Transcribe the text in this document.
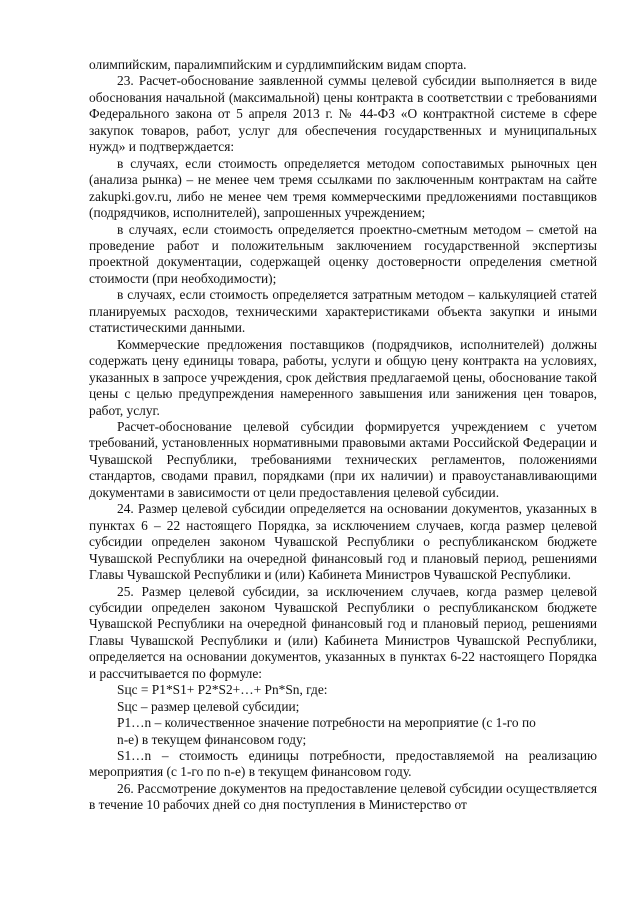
олимпийским, паралимпийским и сурдлимпийским видам спорта.

23. Расчет-обоснование заявленной суммы целевой субсидии выполняется в виде обоснования начальной (максимальной) цены контракта в соответствии с требованиями Федерального закона от 5 апреля 2013 г. № 44-ФЗ «О контрактной системе в сфере закупок товаров, работ, услуг для обеспечения государственных и муниципальных нужд» и подтверждается:

в случаях, если стоимость определяется методом сопоставимых рыночных цен (анализа рынка) – не менее чем тремя ссылками по заключенным контрактам на сайте zakupki.gov.ru, либо не менее чем тремя коммерческими предложениями поставщиков (подрядчиков, исполнителей), запрошенных учреждением;

в случаях, если стоимость определяется проектно-сметным методом – сметой на проведение работ и положительным заключением государственной экспертизы проектной документации, содержащей оценку достоверности определения сметной стоимости (при необходимости);

в случаях, если стоимость определяется затратным методом – калькуляцией статей планируемых расходов, техническими характеристиками объекта закупки и иными статистическими данными.

Коммерческие предложения поставщиков (подрядчиков, исполнителей) должны содержать цену единицы товара, работы, услуги и общую цену контракта на условиях, указанных в запросе учреждения, срок действия предлагаемой цены, обоснование такой цены с целью предупреждения намеренного завышения или занижения цен товаров, работ, услуг.

Расчет-обоснование целевой субсидии формируется учреждением с учетом требований, установленных нормативными правовыми актами Российской Федерации и Чувашской Республики, требованиями технических регламентов, положениями стандартов, сводами правил, порядками (при их наличии) и правоустанавливающими документами в зависимости от цели предоставления целевой субсидии.

24. Размер целевой субсидии определяется на основании документов, указанных в пунктах 6 – 22 настоящего Порядка, за исключением случаев, когда размер целевой субсидии определен законом Чувашской Республики о республиканском бюджете Чувашской Республики на очередной финансовый год и плановый период, решениями Главы Чувашской Республики и (или) Кабинета Министров Чувашской Республики.

25. Размер целевой субсидии, за исключением случаев, когда размер целевой субсидии определен законом Чувашской Республики о республиканском бюджете Чувашской Республики на очередной финансовый год и плановый период, решениями Главы Чувашской Республики и (или) Кабинета Министров Чувашской Республики, определяется на основании документов, указанных в пунктах 6-22 настоящего Порядка и рассчитывается по формуле:

Sцс = P1*S1+ P2*S2+…+ Pn*Sn, где:

Sцс – размер целевой субсидии;

P1…n – количественное значение потребности на мероприятие (с 1-го по

n-е) в текущем финансовом году;

S1…n – стоимость единицы потребности, предоставляемой на реализацию мероприятия (с 1-го по n-е) в текущем финансовом году.

26. Рассмотрение документов на предоставление целевой субсидии осуществляется в течение 10 рабочих дней со дня поступления в Министерство от
